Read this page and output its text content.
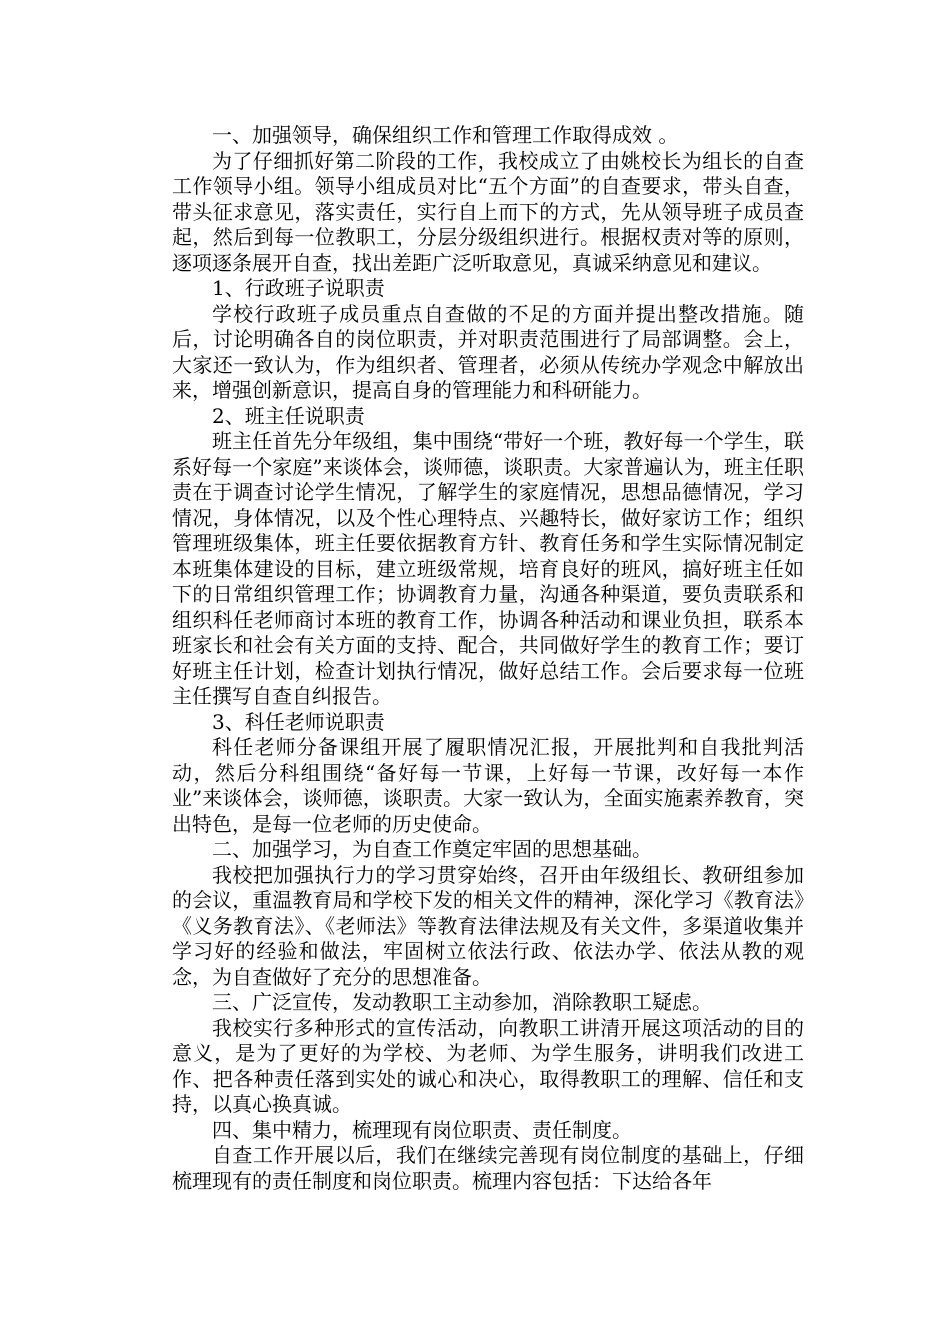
一、加强领导，确保组织工作和管理工作取得成效 。

为了仔细抓好第二阶段的工作，我校成立了由姚校长为组长的自查工作领导小组。领导小组成员对比“五个方面”的自查要求，带头自查，带头征求意见，落实责任，实行自上而下的方式，先从领导班子成员查起，然后到每一位教职工，分层分级组织进行。根据权责对等的原则，逐项逐条展开自查，找出差距广泛听取意见，真诚采纳意见和建议。

1、行政班子说职责

学校行政班子成员重点自查做的不足的方面并提出整改措施。随后，讨论明确各自的岗位职责，并对职责范围进行了局部调整。会上，大家还一致认为，作为组织者、管理者，必须从传统办学观念中解放出来，增强创新意识，提高自身的管理能力和科研能力。

2、班主任说职责

班主任首先分年级组，集中围绕“带好一个班，教好每一个学生，联系好每一个家庭”来谈体会，谈师德，谈职责。大家普遍认为，班主任职责在于调查讨论学生情况，了解学生的家庭情况，思想品德情况，学习情况，身体情况，以及个性心理特点、兴趣特长，做好家访工作；组织管理班级集体，班主任要依据教育方针、教育任务和学生实际情况制定本班集体建设的目标，建立班级常规，培育良好的班风，搞好班主任如下的日常组织管理工作；协调教育力量，沟通各种渠道，要负责联系和组织科任老师商讨本班的教育工作，协调各种活动和课业负担，联系本班家长和社会有关方面的支持、配合，共同做好学生的教育工作；要订好班主任计划，检查计划执行情况，做好总结工作。会后要求每一位班主任撰写自查自纠报告。

3、科任老师说职责

科任老师分备课组开展了履职情况汇报，开展批判和自我批判活动，然后分科组围绕“备好每一节课，上好每一节课，改好每一本作业”来谈体会，谈师德，谈职责。大家一致认为，全面实施素养教育，突出特色，是每一位老师的历史使命。

二、加强学习，为自查工作奠定牢固的思想基础。

我校把加强执行力的学习贯穿始终，召开由年级组长、教研组参加的会议，重温教育局和学校下发的相关文件的精神，深化学习《教育法》《义务教育法》、《老师法》等教育法律法规及有关文件，多渠道收集并学习好的经验和做法，牢固树立依法行政、依法办学、依法从教的观念，为自查做好了充分的思想准备。

三、广泛宣传，发动教职工主动参加，消除教职工疑虑。

我校实行多种形式的宣传活动，向教职工讲清开展这项活动的目的意义，是为了更好的为学校、为老师、为学生服务，讲明我们改进工作、把各种责任落到实处的诚心和决心，取得教职工的理解、信任和支持，以真心换真诚。

四、集中精力，梳理现有岗位职责、责任制度。

自查工作开展以后，我们在继续完善现有岗位制度的基础上，仔细梳理现有的责任制度和岗位职责。梳理内容包括：下达给各年
